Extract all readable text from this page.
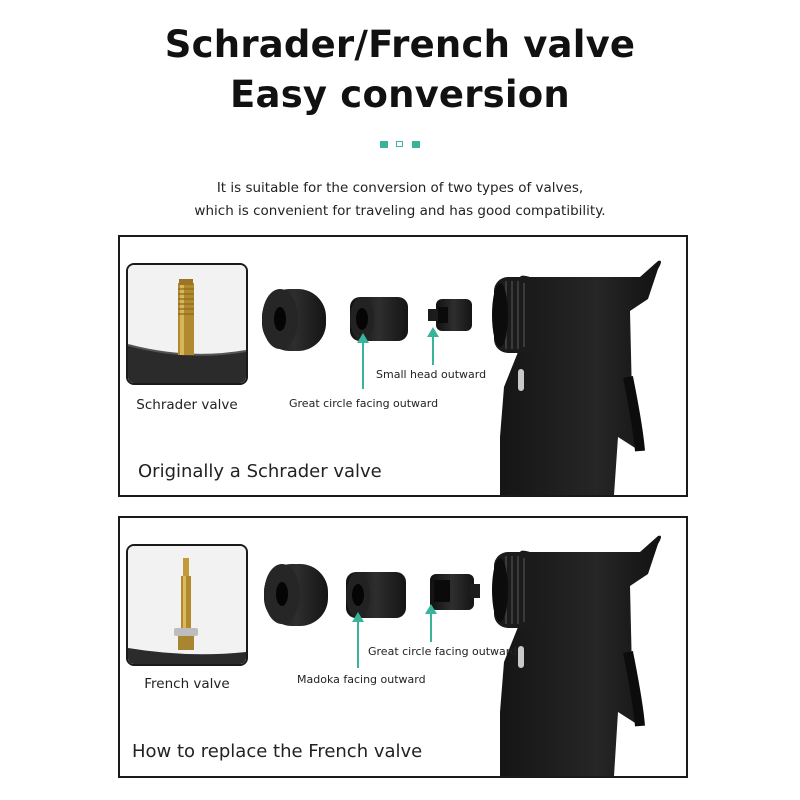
Schrader/French valve
Easy conversion
It is suitable for the conversion of two types of valves,
which is convenient for traveling and has good compatibility.
Schrader valve
Small head outward
Great circle facing outward
Originally a Schrader valve
French valve
Great circle facing outward
Madoka facing outward
How to replace the French valve
